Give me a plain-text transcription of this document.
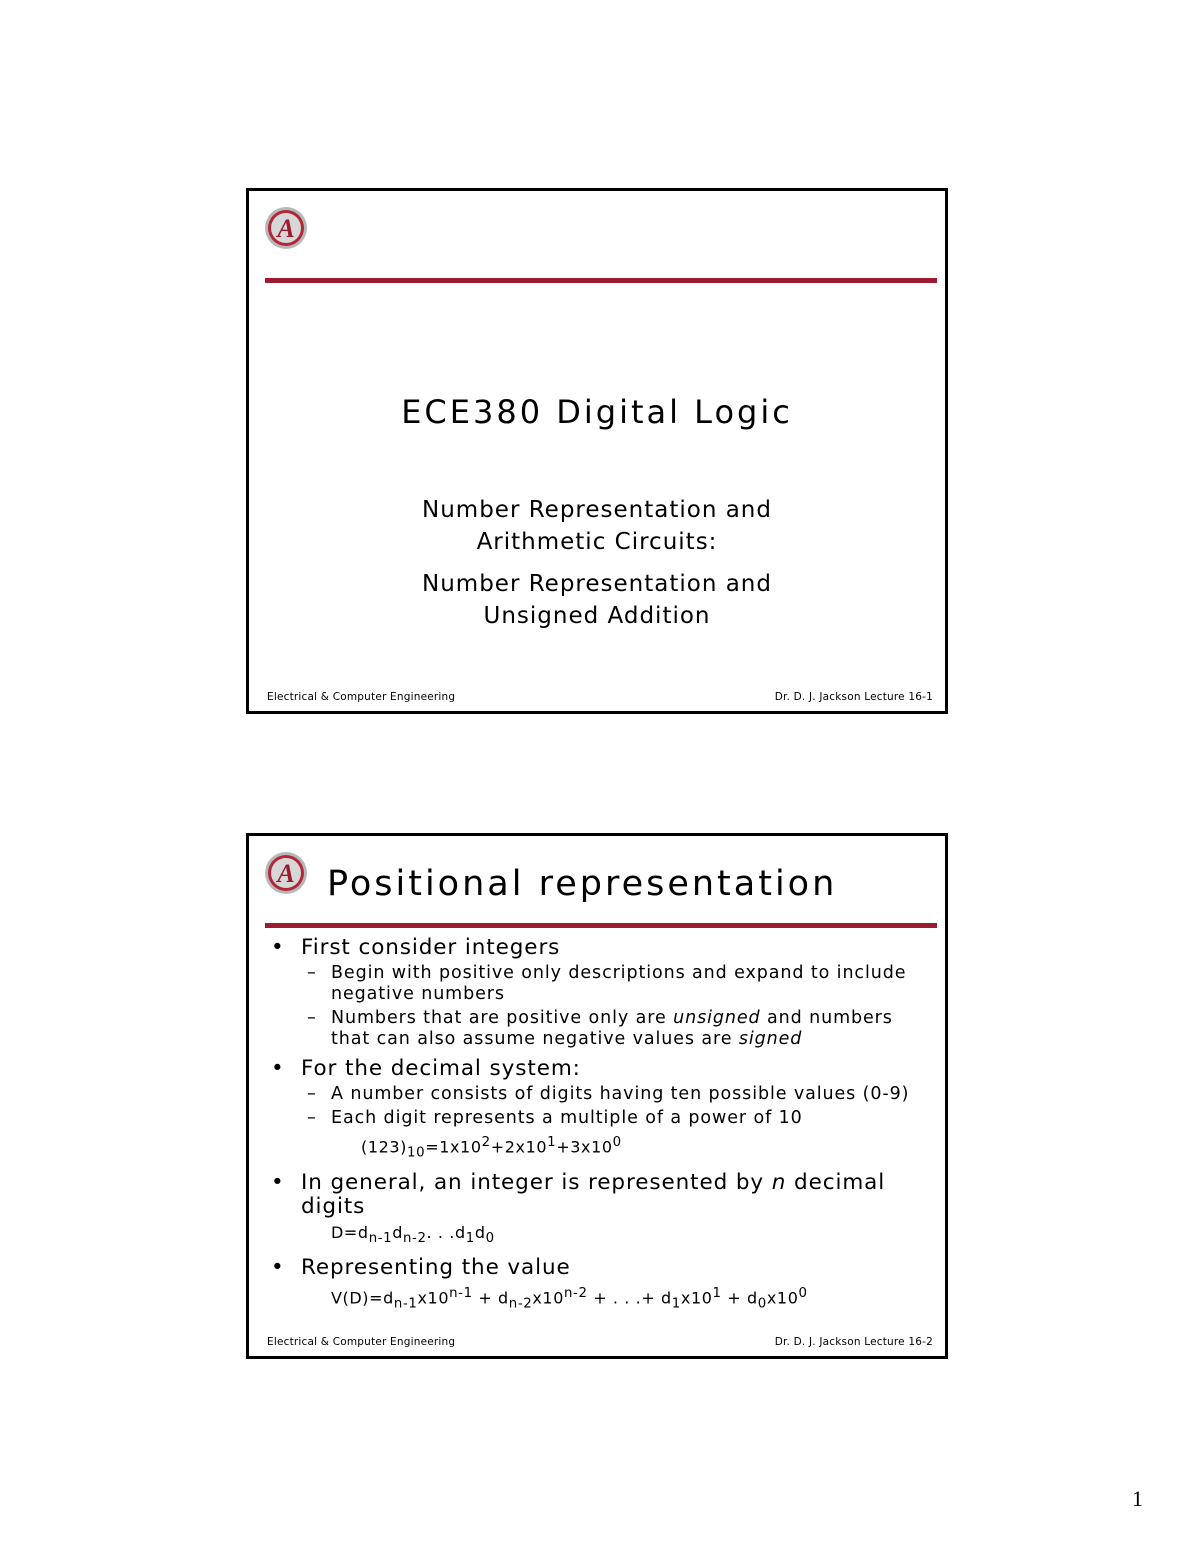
A
ECE380 Digital Logic
Number Representation and
Arithmetic Circuits:
Number Representation and
Unsigned Addition
Electrical & Computer Engineering	Dr. D. J. Jackson Lecture 16-1
A Positional representation
• First consider integers
– Begin with positive only descriptions and expand to include
negative numbers
– Numbers that are positive only are unsigned and numbers
that can also assume negative values are signed
• For the decimal system:
– A number consists of digits having ten possible values (0-9)
– Each digit represents a multiple of a power of 10
$(123)_{10}=1x10^2+2x10^1+3x10^0$
• In general, an integer is represented by n decimal
digits
$D=d_{n-1}d_{n-2}$. . $.d_1d_0$
• Representing the value
$V(D)=d_{n-1}x10^{n-1} + d_{n-2}x10^{n-2}$ + . . .+ $d_1x10^1 + d_0x10^0$
Electrical & Computer Engineering	Dr. D. J. Jackson Lecture 16-2
1
